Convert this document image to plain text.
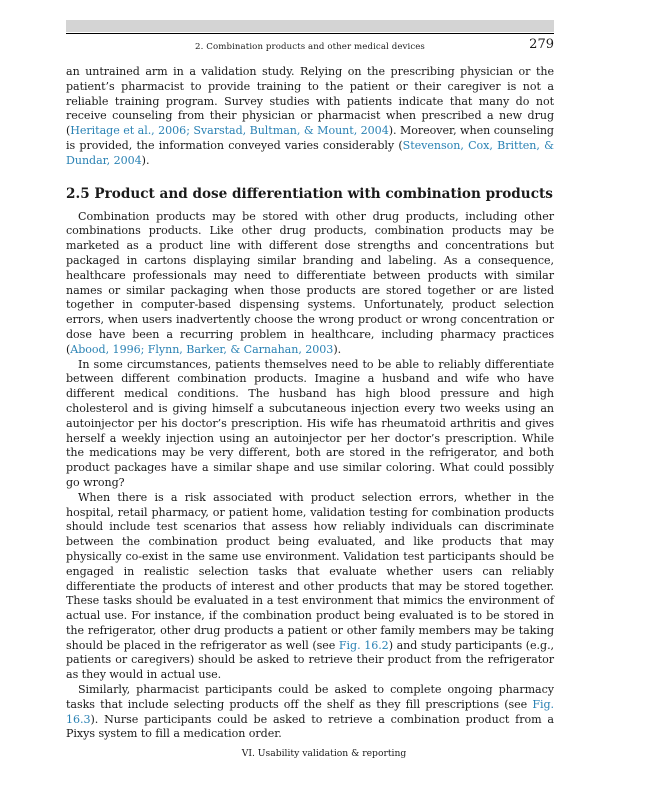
2. Combination products and other medical devices	279

an untrained arm in a validation study. Relying on the prescribing physician or the patient’s pharmacist to provide training to the patient or their caregiver is not a reliable training program. Survey studies with patients indicate that many do not receive counseling from their physician or pharmacist when prescribed a new drug (Heritage et al., 2006; Svarstad, Bultman, & Mount, 2004). Moreover, when counseling is provided, the information conveyed varies considerably (Stevenson, Cox, Britten, & Dundar, 2004).

2.5 Product and dose differentiation with combination products

Combination products may be stored with other drug products, including other combinations products. Like other drug products, combination products may be marketed as a product line with different dose strengths and concentrations but packaged in cartons displaying similar branding and labeling. As a consequence, healthcare professionals may need to differentiate between products with similar names or similar packaging when those products are stored together or are listed together in computer-based dispensing systems. Unfortunately, product selection errors, when users inadvertently choose the wrong product or wrong concentration or dose have been a recurring problem in healthcare, including pharmacy practices (Abood, 1996; Flynn, Barker, & Carnahan, 2003).

In some circumstances, patients themselves need to be able to reliably differentiate between different combination products. Imagine a husband and wife who have different medical conditions. The husband has high blood pressure and high cholesterol and is giving himself a subcutaneous injection every two weeks using an autoinjector per his doctor’s prescription. His wife has rheumatoid arthritis and gives herself a weekly injection using an autoinjector per her doctor’s prescription. While the medications may be very different, both are stored in the refrigerator, and both product packages have a similar shape and use similar coloring. What could possibly go wrong?

When there is a risk associated with product selection errors, whether in the hospital, retail pharmacy, or patient home, validation testing for combination products should include test scenarios that assess how reliably individuals can discriminate between the combination product being evaluated, and like products that may physically co-exist in the same use environment. Validation test participants should be engaged in realistic selection tasks that evaluate whether users can reliably differentiate the products of interest and other products that may be stored together. These tasks should be evaluated in a test environment that mimics the environment of actual use. For instance, if the combination product being evaluated is to be stored in the refrigerator, other drug products a patient or other family members may be taking should be placed in the refrigerator as well (see Fig. 16.2) and study participants (e.g., patients or caregivers) should be asked to retrieve their product from the refrigerator as they would in actual use.

Similarly, pharmacist participants could be asked to complete ongoing pharmacy tasks that include selecting products off the shelf as they fill prescriptions (see Fig. 16.3). Nurse participants could be asked to retrieve a combination product from a Pixys system to fill a medication order.

VI. Usability validation & reporting
